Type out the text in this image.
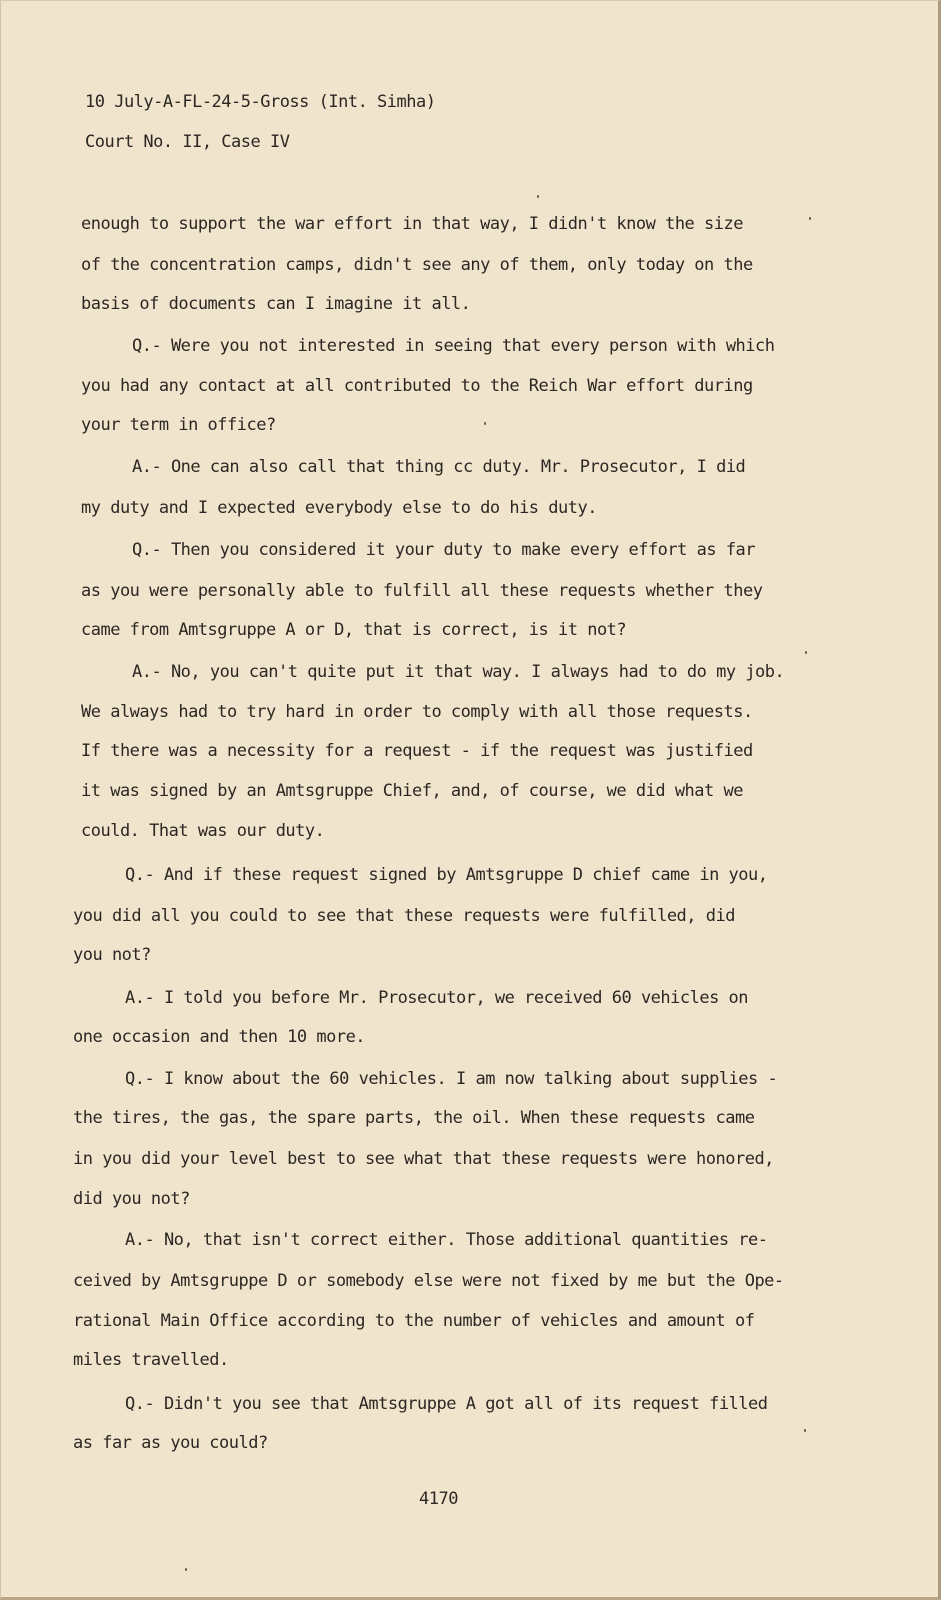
10 July-A-FL-24-5-Gross (Int. Simha)
Court No. II, Case IV
enough to support the war effort in that way, I didn't know the size
of the concentration camps, didn't see any of them, only today on the
basis of documents can I imagine it all.
Q.- Were you not interested in seeing that every person with which
you had any contact at all contributed to the Reich War effort during
your term in office?
A.- One can also call that thing cc duty. Mr. Prosecutor, I did
my duty and I expected everybody else to do his duty.
Q.- Then you considered it your duty to make every effort as far
as you were personally able to fulfill all these requests whether they
came from Amtsgruppe A or D, that is correct, is it not?
A.- No, you can't quite put it that way. I always had to do my job.
We always had to try hard in order to comply with all those requests.
If there was a necessity for a request - if the request was justified
it was signed by an Amtsgruppe Chief, and, of course, we did what we
could. That was our duty.
Q.- And if these request signed by Amtsgruppe D chief came in you,
you did all you could to see that these requests were fulfilled, did
you not?
A.- I told you before Mr. Prosecutor, we received 60 vehicles on
one occasion and then 10 more.
Q.- I know about the 60 vehicles. I am now talking about supplies -
the tires, the gas, the spare parts, the oil. When these requests came
in you did your level best to see what that these requests were honored,
did you not?
A.- No, that isn't correct either. Those additional quantities re-
ceived by Amtsgruppe D or somebody else were not fixed by me but the Ope-
rational Main Office according to the number of vehicles and amount of
miles travelled.
Q.- Didn't you see that Amtsgruppe A got all of its request filled
as far as you could?
4170
